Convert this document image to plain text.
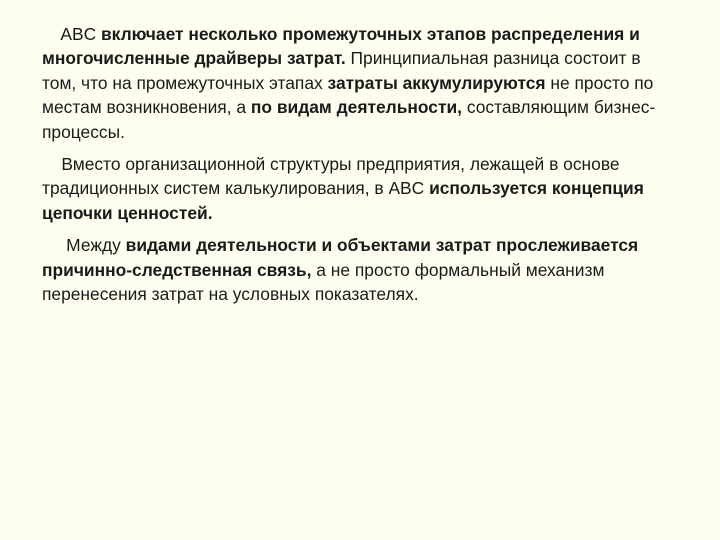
ABC включает несколько промежуточных этапов распределения и многочисленные драйверы затрат. Принципиальная разница состоит в том, что на промежуточных этапах затраты аккумулируются не просто по местам возникновения, а по видам деятельности, составляющим бизнес-процессы.

Вместо организационной структуры предприятия, лежащей в основе традиционных систем калькулирования, в ABC используется концепция цепочки ценностей.

Между видами деятельности и объектами затрат прослеживается причинно-следственная связь, а не просто формальный механизм перенесения затрат на условных показателях.
